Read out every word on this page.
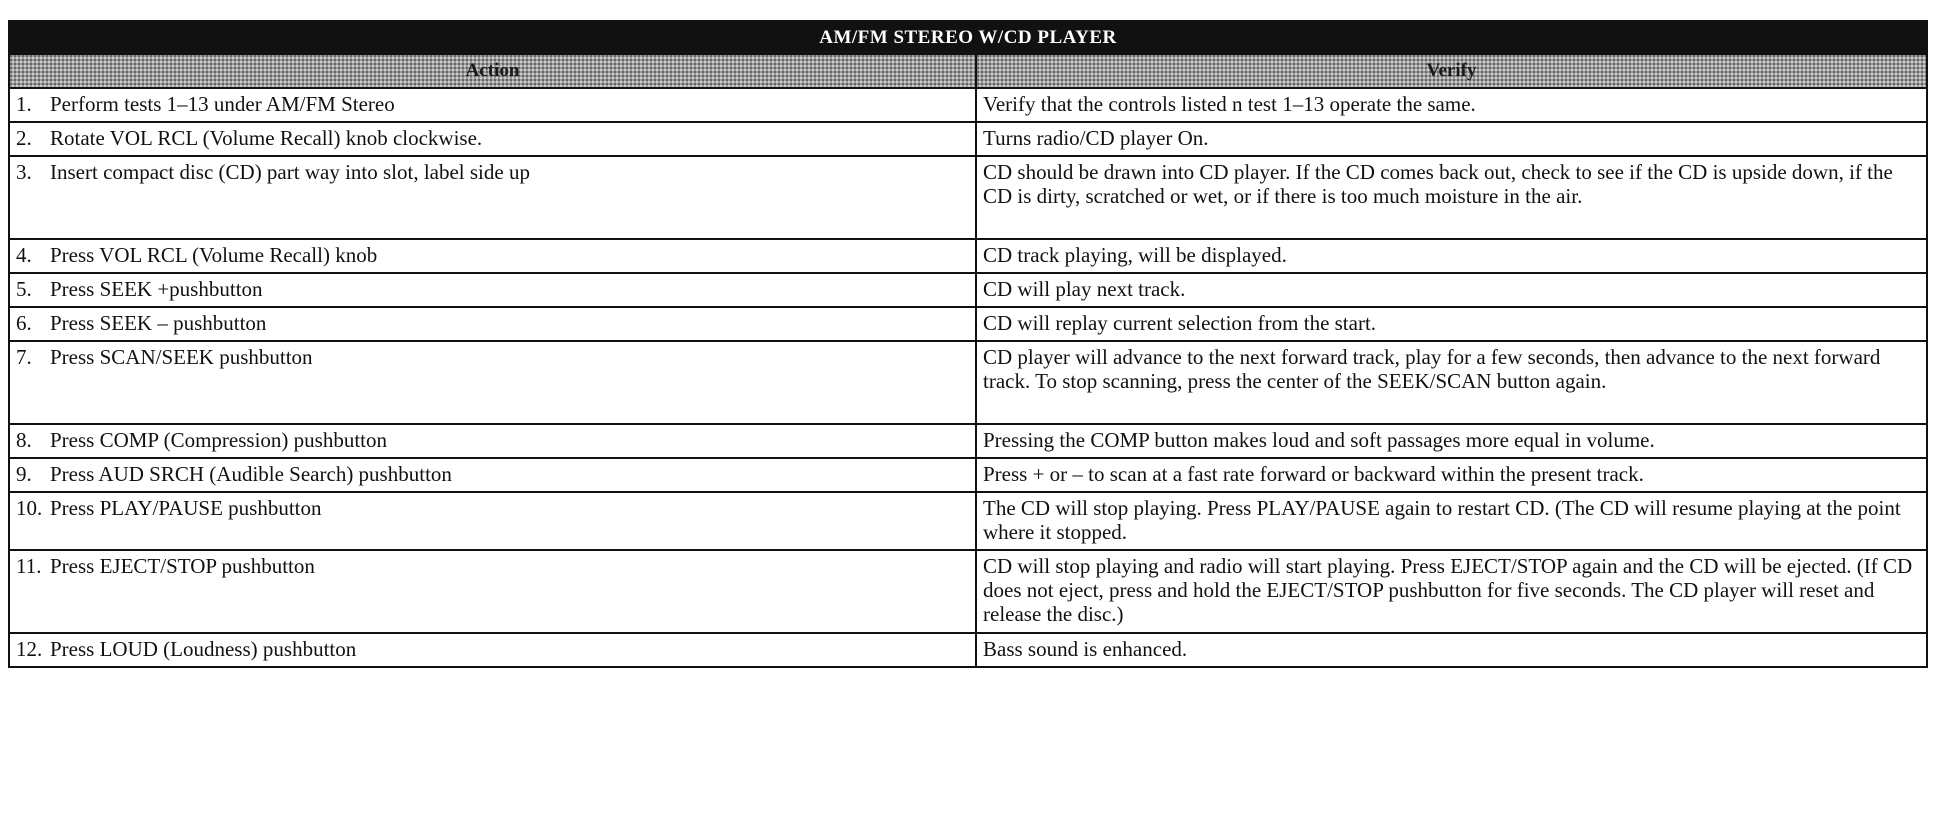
AM/FM STEREO W/CD PLAYER	
Action	Verify
1. Perform tests 1–13 under AM/FM Stereo	Verify that the controls listed n test 1–13 operate the same.
2. Rotate VOL RCL (Volume Recall) knob clockwise.	Turns radio/CD player On.
3. Insert compact disc (CD) part way into slot, label side up	CD should be drawn into CD player. If the CD comes back out, check to see if the CD is upside down, if the CD is dirty, scratched or wet, or if there is too much moisture in the air.
4. Press VOL RCL (Volume Recall) knob	CD track playing, will be displayed.
5. Press SEEK +pushbutton	CD will play next track.
6. Press SEEK – pushbutton	CD will replay current selection from the start.
7. Press SCAN/SEEK pushbutton	CD player will advance to the next forward track, play for a few seconds, then advance to the next forward track. To stop scanning, press the center of the SEEK/SCAN button again.
8. Press COMP (Compression) pushbutton	Pressing the COMP button makes loud and soft passages more equal in volume.
9. Press AUD SRCH (Audible Search) pushbutton	Press + or – to scan at a fast rate forward or backward within the present track.
10. Press PLAY/PAUSE pushbutton	The CD will stop playing. Press PLAY/PAUSE again to restart CD. (The CD will resume playing at the point where it stopped.
11. Press EJECT/STOP pushbutton	CD will stop playing and radio will start playing. Press EJECT/STOP again and the CD will be ejected. (If CD does not eject, press and hold the EJECT/STOP pushbutton for five seconds. The CD player will reset and release the disc.)
12. Press LOUD (Loudness) pushbutton	Bass sound is enhanced.
